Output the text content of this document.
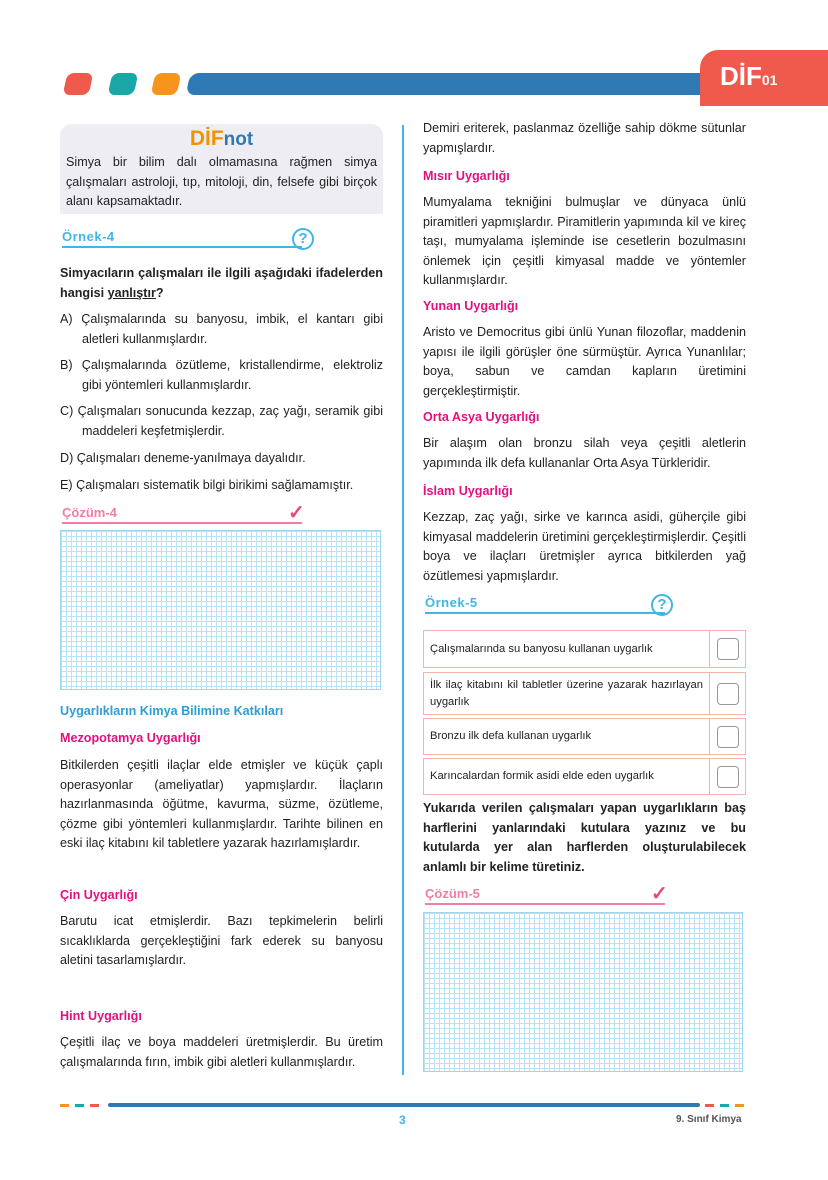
DİF01
DİFnot
Simya bir bilim dalı olmamasına rağmen simya çalışmaları astroloji, tıp, mitoloji, din, felsefe gibi birçok alanı kapsamaktadır.
Örnek-4	?
Simyacıların çalışmaları ile ilgili aşağıdaki ifadelerden hangisi yanlıştır?
A) Çalışmalarında su banyosu, imbik, el kantarı gibi aletleri kullanmışlardır.
B) Çalışmalarında özütleme, kristallendirme, elektroliz gibi yöntemleri kullanmışlardır.
C) Çalışmaları sonucunda kezzap, zaç yağı, seramik gibi maddeleri keşfetmişlerdir.
D) Çalışmaları deneme-yanılmaya dayalıdır.
E) Çalışmaları sistematik bilgi birikimi sağlamamıştır.
Çözüm-4	✓
Uygarlıkların Kimya Bilimine Katkıları
Mezopotamya Uygarlığı
Bitkilerden çeşitli ilaçlar elde etmişler ve küçük çaplı operasyonlar (ameliyatlar) yapmışlardır. İlaçların hazırlanmasında öğütme, kavurma, süzme, özütleme, çözme gibi yöntemleri kullanmışlardır. Tarihte bilinen en eski ilaç kitabını kil tabletlere yazarak hazırlamışlardır.
Çin Uygarlığı
Barutu icat etmişlerdir. Bazı tepkimelerin belirli sıcaklıklarda gerçekleştiğini fark ederek su banyosu aletini tasarlamışlardır.
Hint Uygarlığı
Çeşitli ilaç ve boya maddeleri üretmişlerdir. Bu üretim çalışmalarında fırın, imbik gibi aletleri kullanmışlardır.
Demiri eriterek, paslanmaz özelliğe sahip dökme sütunlar yapmışlardır.
Mısır Uygarlığı
Mumyalama tekniğini bulmuşlar ve dünyaca ünlü piramitleri yapmışlardır. Piramitlerin yapımında kil ve kireç taşı, mumyalama işleminde ise cesetlerin bozulmasını önlemek için çeşitli kimyasal madde ve yöntemler kullanmışlardır.
Yunan Uygarlığı
Aristo ve Democritus gibi ünlü Yunan filozoflar, maddenin yapısı ile ilgili görüşler öne sürmüştür. Ayrıca Yunanlılar; boya, sabun ve camdan kapların üretimini gerçekleştirmiştir.
Orta Asya Uygarlığı
Bir alaşım olan bronzu silah veya çeşitli aletlerin yapımında ilk defa kullananlar Orta Asya Türkleridir.
İslam Uygarlığı
Kezzap, zaç yağı, sirke ve karınca asidi, güherçile gibi kimyasal maddelerin üretimini gerçekleştirmişlerdir. Çeşitli boya ve ilaçları üretmişler ayrıca bitkilerden yağ özütlemesi yapmışlardır.
Örnek-5	?
Çalışmalarında su banyosu kullanan uygarlık
İlk ilaç kitabını kil tabletler üzerine yazarak hazırlayan uygarlık
Bronzu ilk defa kullanan uygarlık
Karıncalardan formik asidi elde eden uygarlık
Yukarıda verilen çalışmaları yapan uygarlıkların baş harflerini yanlarındaki kutulara yazınız ve bu kutularda yer alan harflerden oluşturulabilecek anlamlı bir kelime türetiniz.
Çözüm-5	✓
3	9. Sınıf Kimya
